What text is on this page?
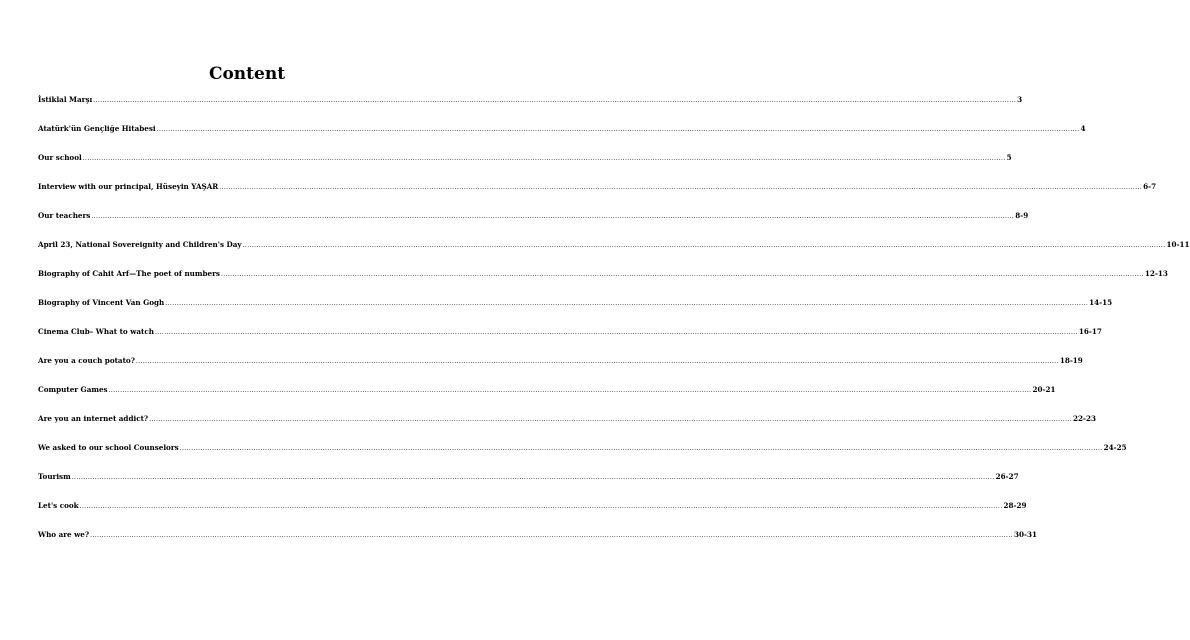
Content
İstiklal Marşı ................................................................................................................................................................................................................................................................................................................................................................................................................ 3
Atatürk'ün Gençliğe Hitabesi ................................................................................................................................................................................................................................................................................................................................................................................................................ 4
Our school ................................................................................................................................................................................................................................................................................................................................................................................................................ 5
Interview with our principal, Hüseyin YAŞAR ................................................................................................................................................................................................................................................................................................................................................................................................................ 6-7
Our teachers ................................................................................................................................................................................................................................................................................................................................................................................................................ 8-9
April 23, National Sovereignity and Children's Day ................................................................................................................................................................................................................................................................................................................................................................................................................ 10-11
Biography of Cahit Arf—The poet of numbers ................................................................................................................................................................................................................................................................................................................................................................................................................ 12-13
Biography of Vincent Van Gogh ................................................................................................................................................................................................................................................................................................................................................................................................................ 14-15
Cinema Club– What to watch ................................................................................................................................................................................................................................................................................................................................................................................................................ 16-17
Are you a couch potato? ................................................................................................................................................................................................................................................................................................................................................................................................................ 18-19
Computer Games ................................................................................................................................................................................................................................................................................................................................................................................................................ 20-21
Are you an internet addict? ................................................................................................................................................................................................................................................................................................................................................................................................................ 22-23
We asked to our school Counselors ................................................................................................................................................................................................................................................................................................................................................................................................................ 24-25
Tourism ................................................................................................................................................................................................................................................................................................................................................................................................................ 26-27
Let's cook ................................................................................................................................................................................................................................................................................................................................................................................................................ 28-29
Who are we? ................................................................................................................................................................................................................................................................................................................................................................................................................ 30-31
